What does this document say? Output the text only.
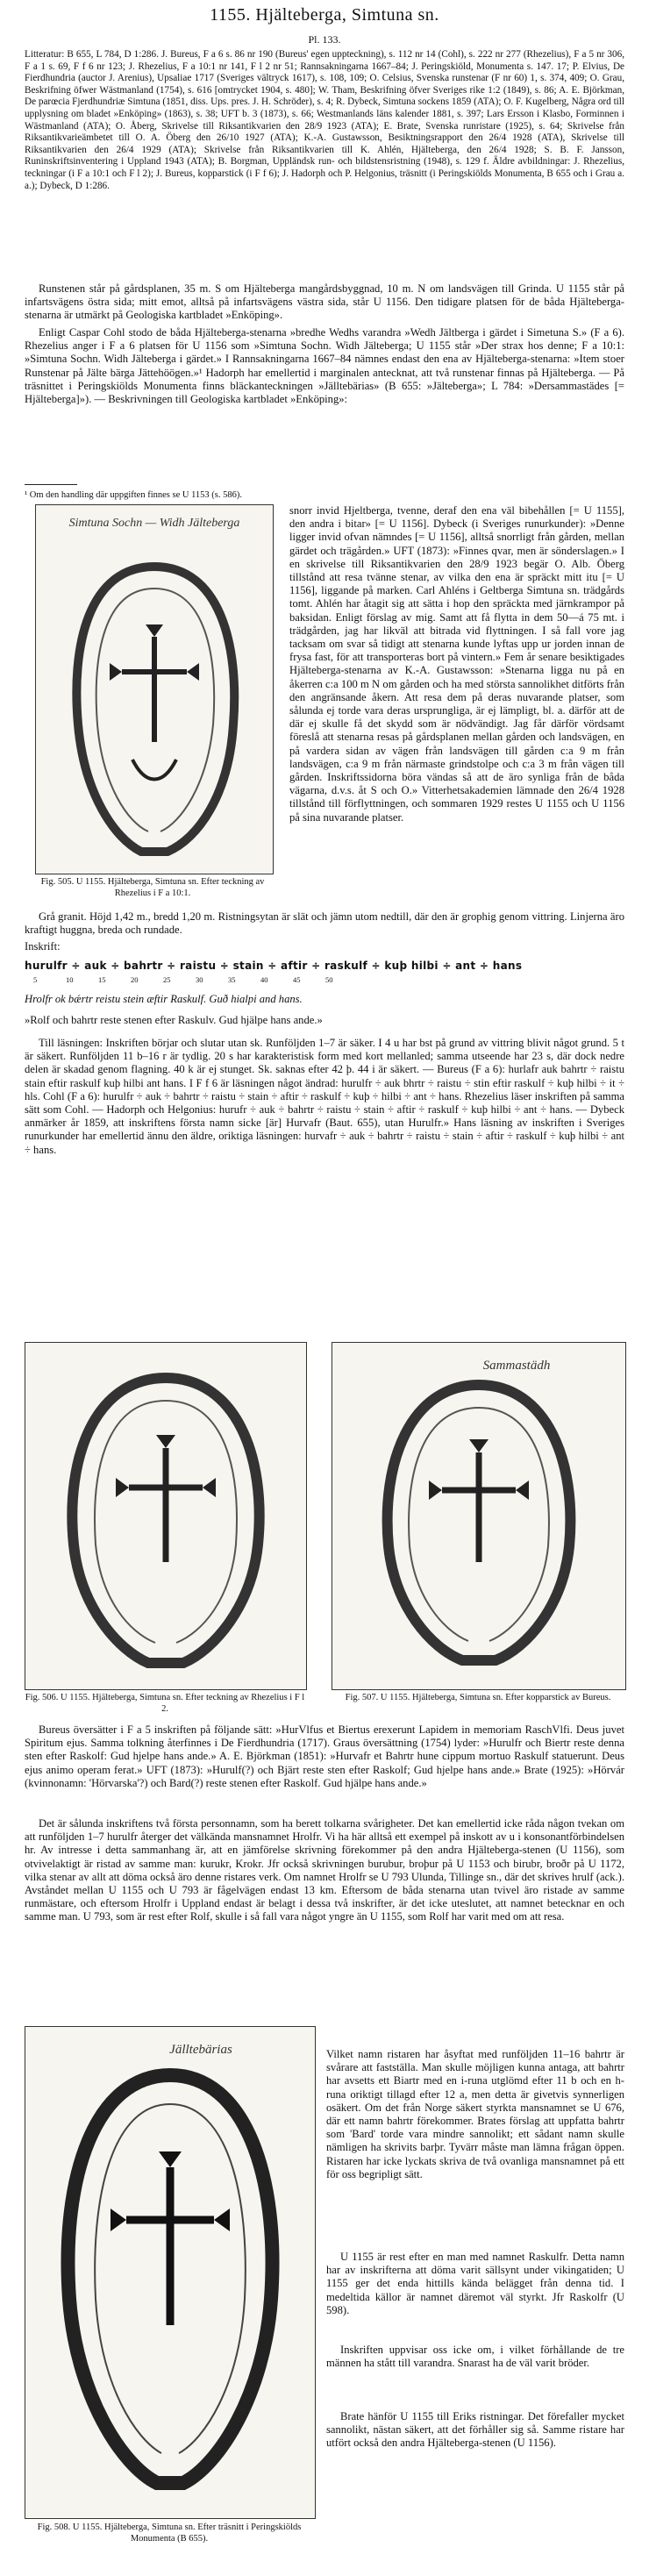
1155. Hjälteberga, Simtuna sn.
Pl. 133.
Litteratur: B 655, L 784, D 1:286. J. Bureus, F a 6 s. 86 nr 190 (Bureus' egen uppteckning), s. 112 nr 14 (Cohl), s. 222 nr 277 (Rhezelius), F a 5 nr 306, F a 1 s. 69, F f 6 nr 123; J. Rhezelius, F a 10:1 nr 141, F l 2 nr 51; Rannsakningarna 1667–84; J. Peringskiöld, Monumenta s. 147. 17; P. Elvius, De Fierdhundria (auctor J. Arenius), Upsaliae 1717 (Sveriges vältryck 1617), s. 108, 109; O. Celsius, Svenska runstenar (F nr 60) 1, s. 374, 409; O. Grau, Beskrifning öfwer Wästmanland (1754), s. 616 [omtrycket 1904, s. 480]; W. Tham, Beskrifning öfver Sveriges rike 1:2 (1849), s. 86; A. E. Björkman, De parœcia Fjerdhundriæ Simtuna (1851, diss. Ups. pres. J. H. Schröder), s. 4; R. Dybeck, Simtuna sockens 1859 (ATA); O. F. Kugelberg, Några ord till upplysning om bladet »Enköping» (1863), s. 38; UFT b. 3 (1873), s. 66; Westmanlands läns kalender 1881, s. 397; Lars Ersson i Klasbo, Forminnen i Wästmanland (ATA); O. Åberg, Skrivelse till Riksantikvarien den 28/9 1923 (ATA); E. Brate, Svenska runristare (1925), s. 64; Skrivelse från Riksantikvarieämbetet till O. A. Öberg den 26/10 1927 (ATA); K.-A. Gustawsson, Besiktningsrapport den 26/4 1928 (ATA), Skrivelse till Riksantikvarien den 26/4 1929 (ATA); Skrivelse från Riksantikvarien till K. Ahlén, Hjälteberga, den 26/4 1928; S. B. F. Jansson, Runinskriftsinventering i Uppland 1943 (ATA); B. Borgman, Uppländsk run- och bildstensristning (1948), s. 129 f. Äldre avbildningar: J. Rhezelius, teckningar (i F a 10:1 och F l 2); J. Bureus, kopparstick (i F f 6); J. Hadorph och P. Helgonius, träsnitt (i Peringskiölds Monumenta, B 655 och i Grau a. a.); Dybeck, D 1:286.
Runstenen står på gårdsplanen, 35 m. S om Hjälteberga mangårdsbyggnad, 10 m. N om landsvägen till Grinda. U 1155 står på infartsvägens östra sida; mitt emot, alltså på infartsvägens västra sida, står U 1156. Den tidigare platsen för de båda Hjälteberga-stenarna är utmärkt på Geologiska kartbladet »Enköping».
Enligt Caspar Cohl stodo de båda Hjälteberga-stenarna »bredhe Wedhs varandra »Wedh Jältberga i gärdet i Simetuna S.» (F a 6). Rhezelius anger i F a 6 platsen för U 1156 som »Simtuna Sochn. Widh Jälteberga; U 1155 står »Der strax hos denne; F a 10:1: »Simtuna Sochn. Widh Jältebergа i gärdet.» I Rannsakningarna 1667–84 nämnes endast den ena av Hjälteberga-stenarna: »Item stoer Runstenar på Jälte bärga Jättehöögen.»¹ Hadorph har emellertid i marginalen antecknat, att två runstenar finnas på Hjälteberga. — På träsnittet i Peringskiölds Monumenta finns bläckanteckningen »Jälltebärias» (B 655: »Jälteberga»; L 784: »Dersammastädes [= Hjälteberga]»). — Beskrivningen till Geologiska kartbladet »Enköping»:
¹ Om den handling där uppgiften finnes se U 1153 (s. 586).
Simtuna Sochn — Widh Jältebergа
Fig. 505. U 1155. Hjälteberga, Simtuna sn. Efter teckning av Rhezelius i F a 10:1.
snorr invid Hjeltberga, tvenne, deraf den ena väl bibehållen [= U 1155], den andra i bitar» [= U 1156]. Dybeck (i Sveriges runurkunder): »Denne ligger invid ofvan nämndes [= U 1156], alltså snorrligt från gården, mellan gärdet och trägården.» UFT (1873): »Finnes qvar, men är sönderslagen.» I en skrivelse till Riksantikvarien den 28/9 1923 begär O. Alb. Öberg tillstånd att resa tvänne stenar, av vilka den ena är spräckt mitt itu [= U 1156], liggande på marken. Carl Ahléns i Geltberga Simtuna sn. trädgårds tomt. Ahlén har åtagit sig att sätta i hop den spräckta med järnkrampor på baksidan. Enligt förslag av mig. Samt att få flytta in dem 50—á 75 mt. i trädgården, jag har likväl att bitrada vid flyttningen. I så fall vore jag tacksam om svar så tidigt att stenarna kunde lyftas upp ur jorden innan de frysa fast, för att transporteras bort på vintern.» Fem år senare besiktigades Hjälteberga-stenarna av K.-A. Gustawsson: »Stenarna ligga nu på en åkerren c:a 100 m N om gården och ha med största sannolikhet ditförts från den angränsande åkern. Att resa dem på deras nuvarande platser, som sålunda ej torde vara deras ursprungliga, är ej lämpligt, bl. a. därför att de där ej skulle få det skydd som är nödvändigt. Jag får därför vördsamt föreslå att stenarna resas på gårdsplanen mellan gården och landsvägen, en på vardera sidan av vägen från landsvägen till gården c:a 9 m från landsvägen, c:a 9 m från närmaste grindstolpe och c:a 3 m från vägen till gården. Inskriftssidorna böra vändas så att de äro synliga från de båda vägarna, d.v.s. åt S och O.» Vitterhetsakademien lämnade den 26/4 1928 tillstånd till förflyttningen, och sommaren 1929 restes U 1155 och U 1156 på sina nuvarande platser.
Grå granit. Höjd 1,42 m., bredd 1,20 m. Ristningsytan är slät och jämn utom nedtill, där den är grophig genom vittring. Linjerna äro kraftigt huggna, breda och rundade.
Inskrift:
hurulfr ÷ auk ÷ bahrtr ÷ raistu ÷ stain ÷ aftir ÷ raskulf ÷ kuþ hilbi ÷ ant ÷ hans
5	10	15	20	25	30	35	40	45	50
Hrolfr ok bǽrtr reistu stein æftir Raskulf. Guð hialpi and hans.
»Rolf och bahrtr reste stenen efter Raskulv. Gud hjälpe hans ande.»
Till läsningen: Inskriften börjar och slutar utan sk. Runföljden 1–7 är säker. I 4 u har bst på grund av vittring blivit något grund. 5 t är säkert. Runföljden 11 b–16 r är tydlig. 20 s har karakteristisk form med kort mellanled; samma utseende har 23 s, där dock nedre delen är skadad genom flagning. 40 k är ej stunget. Sk. saknas efter 42 þ. 44 i är säkert. — Bureus (F a 6): hurlafr auk bahrtr ÷ raistu stain eftir raskulf kuþ hilbi ant hans. I F f 6 är läsningen något ändrad: hurulfr ÷ auk bhrtr ÷ raistu ÷ stin eftir raskulf ÷ kuþ hilbi ÷ it ÷ hls. Cohl (F a 6): hurulfr ÷ auk ÷ bahrtr ÷ raistu ÷ stain ÷ aftir ÷ raskulf ÷ kuþ ÷ hilbi ÷ ant ÷ hans. Rhezelius läser inskriften på samma sätt som Cohl. — Hadorph och Helgonius: hurufr ÷ auk ÷ bahrtr ÷ raistu ÷ stain ÷ aftir ÷ raskulf ÷ kuþ hilbi ÷ ant ÷ hans. — Dybeck anmärker år 1859, att inskriftens första namn sicke [är] Hurvafr (Baut. 655), utan Hurulfr.» Hans läsning av inskriften i Sveriges runurkunder har emellertid ännu den äldre, oriktiga läsningen: hurvafr ÷ auk ÷ bahrtr ÷ raistu ÷ stain ÷ aftir ÷ raskulf ÷ kuþ hilbi ÷ ant ÷ hans.
Fig. 506. U 1155. Hjälteberga, Simtuna sn. Efter teckning av Rhezelius i F l 2.
Sammastädh
Fig. 507. U 1155. Hjälteberga, Simtuna sn. Efter kopparstick av Bureus.
Bureus översätter i F a 5 inskriften på följande sätt: »HurVlfus et Biertus erexerunt Lapidem in memoriam RaschVlfi. Deus juvet Spiritum ejus. Samma tolkning återfinnes i De Fierdhundria (1717). Graus översättning (1754) lyder: »Hurulfr och Biertr reste denna sten efter Raskolf: Gud hjelpe hans ande.» A. E. Björkman (1851): »Hurvafr et Bahrtr hune cippum mortuo Raskulf statuerunt. Deus ejus animo operam ferat.» UFT (1873): »Hurulf(?) och Bjärt reste sten efter Raskolf; Gud hjelpe hans ande.» Brate (1925): »Hörvár (kvinnonamn: 'Hörvarska'?) och Bard(?) reste stenen efter Raskolf. Gud hjälpe hans ande.»
Det är sålunda inskriftens två första personnamn, som ha berett tolkarna svårigheter. Det kan emellertid icke råda någon tvekan om att runföljden 1–7 hurulfr återger det välkända mansnamnet Hrolfr. Vi ha här alltså ett exempel på inskott av u i konsonantförbindelsen hr. Av intresse i detta sammanhang är, att en jämförelse skrivning förekommer på den andra Hjälteberga-stenen (U 1156), som otvivelaktigt är ristad av samme man: kurukr, Krokr. Jfr också skrivningen burubur, broþur på U 1153 och birubr, broðr på U 1172, vilka stenar av allt att döma också äro denne ristares verk. Om namnet Hrolfr se U 793 Ulunda, Tillinge sn., där det skrives hrulf (ack.). Avståndet mellan U 1155 och U 793 är fågelvägen endast 13 km. Eftersom de båda stenarna utan tvivel äro ristade av samme runmästare, och eftersom Hrolfr i Uppland endast är belagt i dessa två inskrifter, är det icke uteslutet, att namnet betecknar en och samme man. U 793, som är rest efter Rolf, skulle i så fall vara något yngre än U 1155, som Rolf har varit med om att resa.
Jälltebärias
Fig. 508. U 1155. Hjälteberga, Simtuna sn. Efter träsnitt i Peringskiölds Monumenta (B 655).
Vilket namn ristaren har åsyftat med runföljden 11–16 bahrtr är svårare att fastställa. Man skulle möjligen kunna antaga, att bahrtr har avsetts ett Biartr med en i-runa utglömd efter 11 b och en h-runa oriktigt tillagd efter 12 a, men detta är givetvis synnerligen osäkert. Om det från Norge säkert styrkta mansnamnet se U 676, där ett namn bahrtr förekommer. Brates förslag att uppfatta bahrtr som 'Bard' torde vara mindre sannolikt; ett sådant namn skulle nämligen ha skrivits barþr. Tyvärr måste man lämna frågan öppen. Ristaren har icke lyckats skriva de två ovanliga mansnamnet på ett för oss begripligt sätt.
U 1155 är rest efter en man med namnet Raskulfr. Detta namn har av inskrifterna att döma varit sällsynt under vikingatiden; U 1155 ger det enda hittills kända belägget från denna tid. I medeltida källor är namnet däremot väl styrkt. Jfr Raskolfr (U 598).
Inskriften uppvisar oss icke om, i vilket förhållande de tre männen ha stått till varandra. Snarast ha de väl varit bröder.
Brate hänför U 1155 till Eriks ristningar. Det förefaller mycket sannolikt, nästan säkert, att det förhåller sig så. Samme ristare har utfört också den andra Hjälteberga-stenen (U 1156).
